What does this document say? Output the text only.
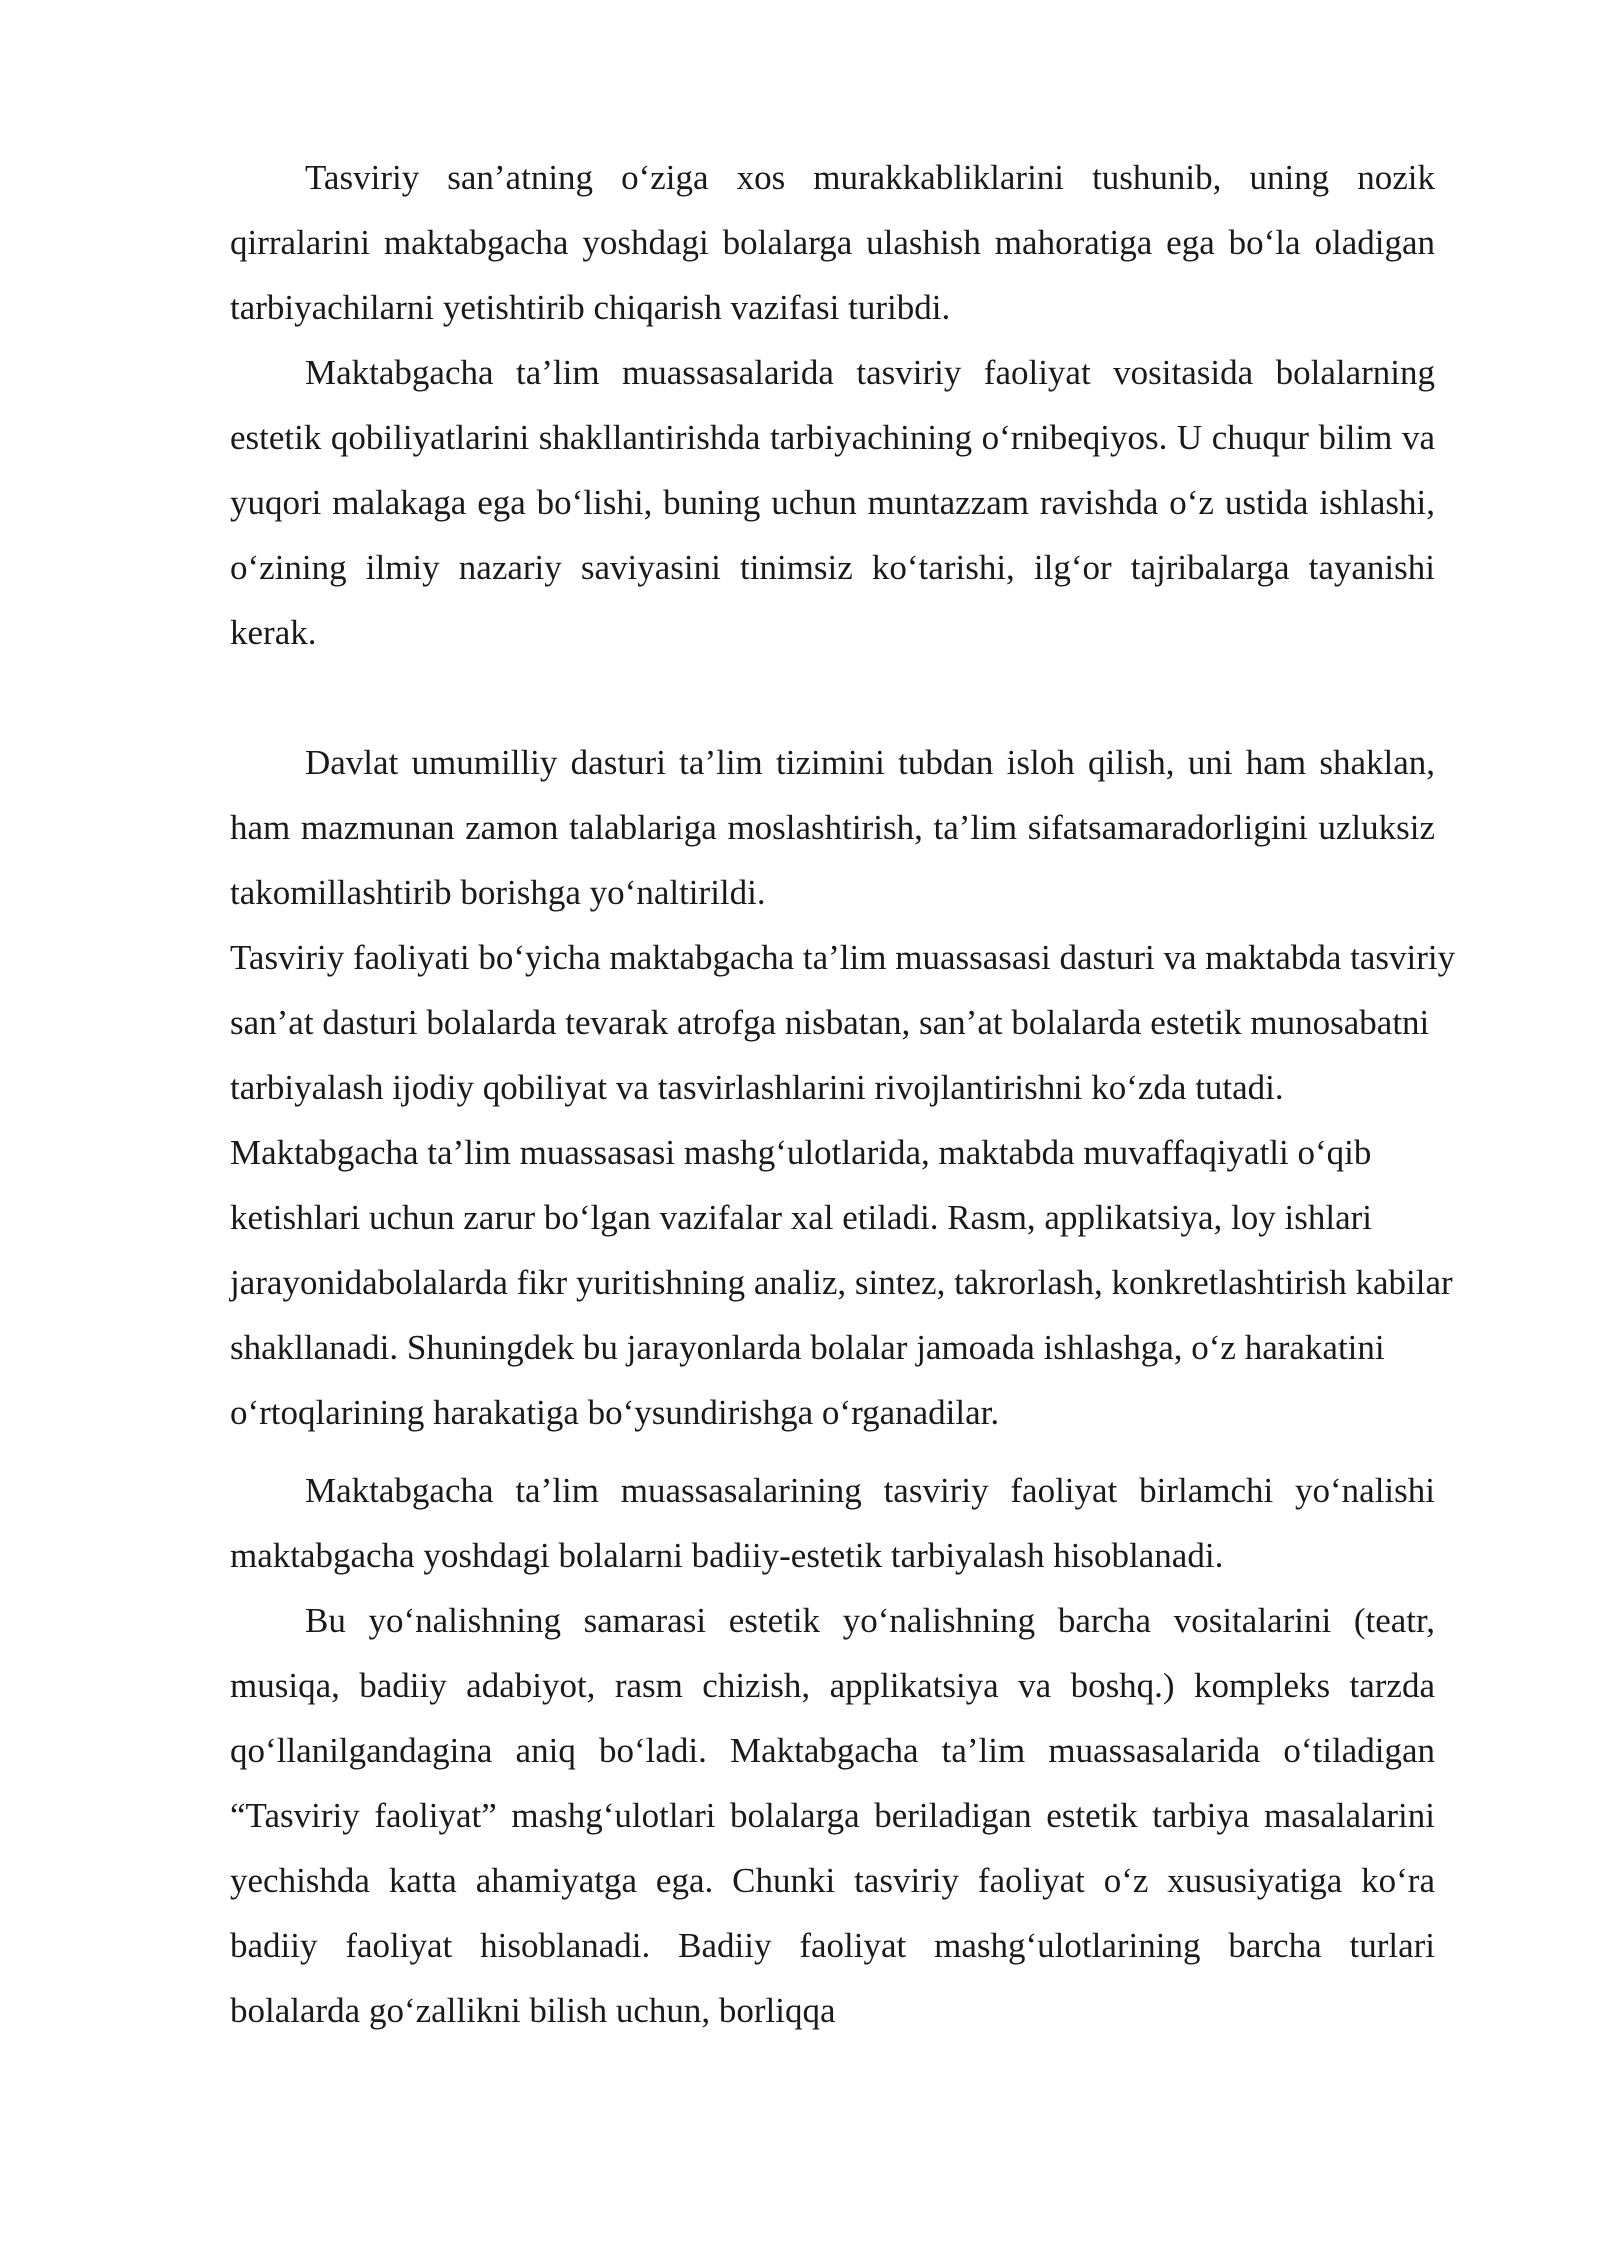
Tasviriy san’atning o‘ziga xos murakkabliklarini tushunib, uning nozik qirralarini maktabgacha yoshdagi bolalarga ulashish mahoratiga ega bo‘la oladigan tarbiyachilarni yetishtirib chiqarish vazifasi turibdi.

Maktabgacha ta’lim muassasalarida tasviriy faoliyat vositasida bolalarning estetik qobiliyatlarini shakllantirishda tarbiyachining o‘rnibeqiyos. U chuqur bilim va yuqori malakaga ega bo‘lishi, buning uchun muntazzam ravishda o‘z ustida ishlashi, o‘zining ilmiy nazariy saviyasini tinimsiz ko‘tarishi, ilg‘or tajribalarga tayanishi kerak.

Davlat umumilliy dasturi ta’lim tizimini tubdan isloh qilish, uni ham shaklan, ham mazmunan zamon talablariga moslashtirish, ta’lim sifatsamaradorligini uzluksiz takomillashtirib borishga yo‘naltirildi.

Tasviriy faoliyati bo‘yicha maktabgacha ta’lim muassasasi dasturi va maktabda tasviriy san’at dasturi bolalarda tevarak atrofga nisbatan, san’at bolalarda estetik munosabatni tarbiyalash ijodiy qobiliyat va tasvirlashlarini rivojlantirishni ko‘zda tutadi. Maktabgacha ta’lim muassasasi mashg‘ulotlarida, maktabda muvaffaqiyatli o‘qib ketishlari uchun zarur bo‘lgan vazifalar xal etiladi. Rasm, applikatsiya, loy ishlari jarayonidabolalarda fikr yuritishning analiz, sintez, takrorlash, konkretlashtirish kabilar shakllanadi. Shuningdek bu jarayonlarda bolalar jamoada ishlashga, o‘z harakatini o‘rtoqlarining harakatiga bo‘ysundirishga o‘rganadilar.

Maktabgacha ta’lim muassasalarining tasviriy faoliyat birlamchi yo‘nalishi maktabgacha yoshdagi bolalarni badiiy-estetik tarbiyalash hisoblanadi.

Bu yo‘nalishning samarasi estetik yo‘nalishning barcha vositalarini (teatr, musiqa, badiiy adabiyot, rasm chizish, applikatsiya va boshq.) kompleks tarzda qo‘llanilgandagina aniq bo‘ladi. Maktabgacha ta’lim muassasalarida o‘tiladigan “Tasviriy faoliyat” mashg‘ulotlari bolalarga beriladigan estetik tarbiya masalalarini yechishda katta ahamiyatga ega. Chunki tasviriy faoliyat o‘z xususiyatiga ko‘ra badiiy faoliyat hisoblanadi. Badiiy faoliyat mashg‘ulotlarining barcha turlari bolalarda go‘zallikni bilish uchun, borliqqa
